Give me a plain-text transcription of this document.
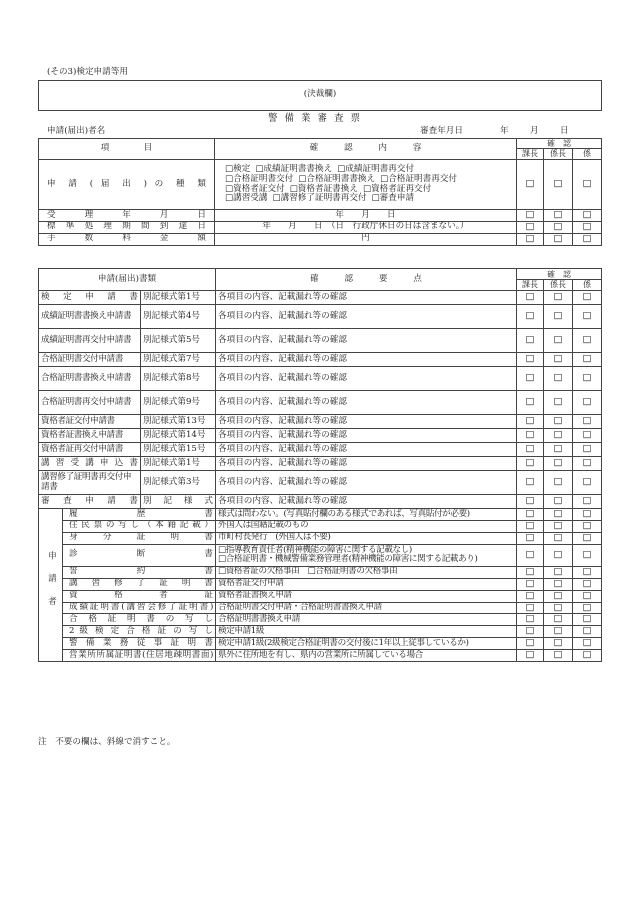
(その3)検定申請等用
(決裁欄)
警 備 業 審 査 票
申請(届出)者名	審査年月日	年 月 日
項　　　　目	確　　　認　　　内　　　容	確　認		
		課長	係長	係
申 請 ( 届 出 ) の 種 類	□検定 □成績証明書書換え □成績証明書再交付
□合格証明書交付 □合格証明書書換え □合格証明書再交付
□資格者証交付 □資格者証書換え □資格者証再交付
□講習受講 □講習修了証明書再交付 □審査申請	□	□	□
受 理 年 月 日	年　　月　　日	□	□	□
標 準 処 理 期 間 到 達 日	年　　月　　日　（日　行政庁休日の日は含まない。）	□	□	□
手 数 料 金 額	円	□	□	□
申請(届出)書類			確　　　認　　　要　　　点	確　認		
				課長	係長	係
検 定 申 請 書		別記様式第1号	各項目の内容、記載漏れ等の確認	□	□	□
成績証明書書換え申請書		別記様式第4号	各項目の内容、記載漏れ等の確認	□	□	□
成績証明書再交付申請書		別記様式第5号	各項目の内容、記載漏れ等の確認	□	□	□
合格証明書交付申請書		別記様式第7号	各項目の内容、記載漏れ等の確認	□	□	□
合格証明書書換え申請書		別記様式第8号	各項目の内容、記載漏れ等の確認	□	□	□
合格証明書再交付申請書		別記様式第9号	各項目の内容、記載漏れ等の確認	□	□	□
資格者証交付申請書		別記様式第13号	各項目の内容、記載漏れ等の確認	□	□	□
資格者証書換え申請書		別記様式第14号	各項目の内容、記載漏れ等の確認	□	□	□
資格者証再交付申請書		別記様式第15号	各項目の内容、記載漏れ等の確認	□	□	□
講 習 受 講 申 込 書		別記様式第1号	各項目の内容、記載漏れ等の確認	□	□	□
講習修了証明書再交付申請書		別記様式第3号	各項目の内容、記載漏れ等の確認	□	□	□
審 査 申 請 書		別 記 様 式	各項目の内容、記載漏れ等の確認	□	□	□
申請者	履 歴 書		様式は問わない。(写真貼付欄のある様式であれば、写真貼付が必要)	□	□	□
	住民票の写し（本籍記載）		外国人は国籍記載のもの	□	□	□
	身 分 証 明 書		市町村長発行　(外国人は不要)	□	□	□
	診 断 書		□指導教育責任者(精神機能の障害に関する記載なし)
□合格証明書・機械警備業務管理者(精神機能の障害に関する記載あり)	□	□	□
	誓 約 書		□資格者証の欠格事由　□合格証明書の欠格事由	□	□	□
	講 習 修 了 証 明 書		資格者証交付申請	□	□	□
	資 格 者 証		資格者証書換え申請	□	□	□
	成績証明書(講習会修了証明書)		合格証明書交付申請・合格証明書書換え申請	□	□	□
	合 格 証 明 書 の 写 し		合格証明書書換え申請	□	□	□
	2 級 検 定 合 格 証 の 写 し		検定申請1級	□	□	□
	警 備 業 務 従 事 証 明 書		検定申請1級(2級検定合格証明書の交付後に1年以上従事しているか)	□	□	□
	営業所所属証明書(住居地疎明書面)		県外に住所地を有し、県内の営業所に所属している場合	□	□	□
注　不要の欄は、斜線で消すこと。
